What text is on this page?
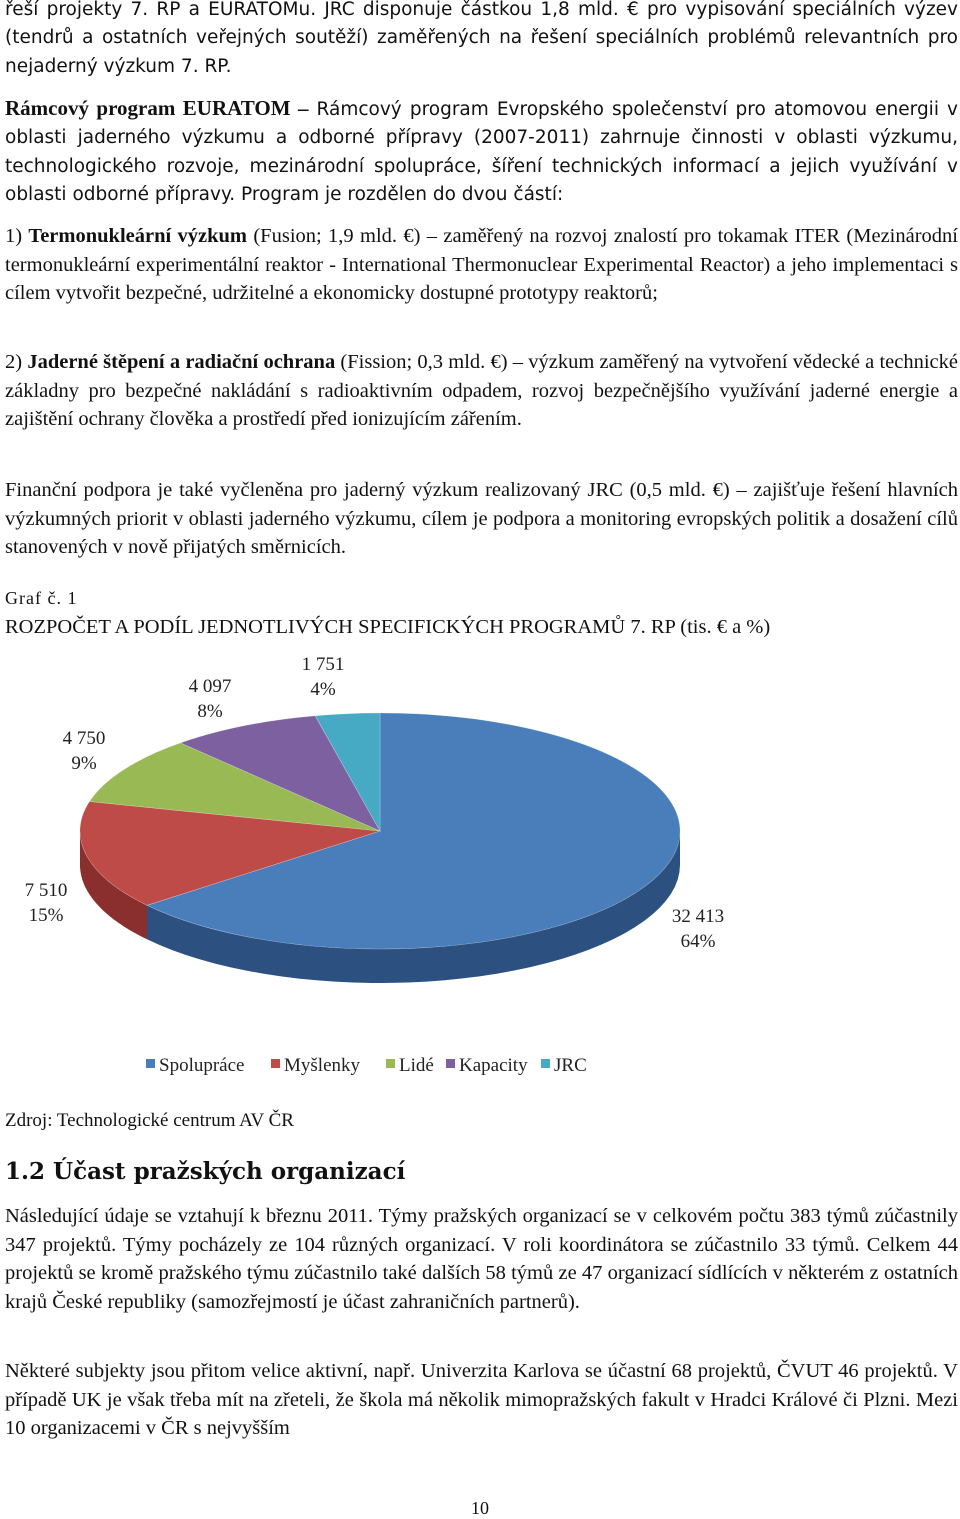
řeší projekty 7. RP a EURATOMu. JRC disponuje částkou 1,8 mld. € pro vypisování speciálních výzev (tendrů a ostatních veřejných soutěží) zaměřených na řešení speciálních problémů relevantních pro nejaderný výzkum 7. RP.

Rámcový program EURATOM – Rámcový program Evropského společenství pro atomovou energii v oblasti jaderného výzkumu a odborné přípravy (2007-2011) zahrnuje činnosti v oblasti výzkumu, technologického rozvoje, mezinárodní spolupráce, šíření technických informací a jejich využívání v oblasti odborné přípravy. Program je rozdělen do dvou částí:

1) Termonukleární výzkum (Fusion; 1,9 mld. €) – zaměřený na rozvoj znalostí pro tokamak ITER (Mezinárodní termonukleární experimentální reaktor - International Thermonuclear Experimental Reactor) a jeho implementaci s cílem vytvořit bezpečné, udržitelné a ekonomicky dostupné prototypy reaktorů;

2) Jaderné štěpení a radiační ochrana (Fission; 0,3 mld. €) – výzkum zaměřený na vytvoření vědecké a technické základny pro bezpečné nakládání s radioaktivním odpadem, rozvoj bezpečnějšího využívání jaderné energie a zajištění ochrany člověka a prostředí před ionizujícím zářením.

Finanční podpora je také vyčleněna pro jaderný výzkum realizovaný JRC (0,5 mld. €) – zajišťuje řešení hlavních výzkumných priorit v oblasti jaderného výzkumu, cílem je podpora a monitoring evropských politik a dosažení cílů stanovených v nově přijatých směrnicích.

Graf č. 1

ROZPOČET A PODÍL JEDNOTLIVÝCH SPECIFICKÝCH PROGRAMŮ 7. RP (tis. € a %)

32 413
64%
7 510
15%
4 750
9%
4 097
8%
1 751
4%
Spolupráce Myšlenky Lidé Kapacity JRC

Zdroj: Technologické centrum AV ČR

1.2 Účast pražských organizací

Následující údaje se vztahují k březnu 2011. Týmy pražských organizací se v celkovém počtu 383 týmů zúčastnily 347 projektů. Týmy pocházely ze 104 různých organizací. V roli koordinátora se zúčastnilo 33 týmů. Celkem 44 projektů se kromě pražského týmu zúčastnilo také dalších 58 týmů ze 47 organizací sídlících v některém z ostatních krajů České republiky (samozřejmostí je účast zahraničních partnerů).

Některé subjekty jsou přitom velice aktivní, např. Univerzita Karlova se účastní 68 projektů, ČVUT 46 projektů. V případě UK je však třeba mít na zřeteli, že škola má několik mimopražských fakult v Hradci Králové či Plzni. Mezi 10 organizacemi v ČR s nejvyšším

10
